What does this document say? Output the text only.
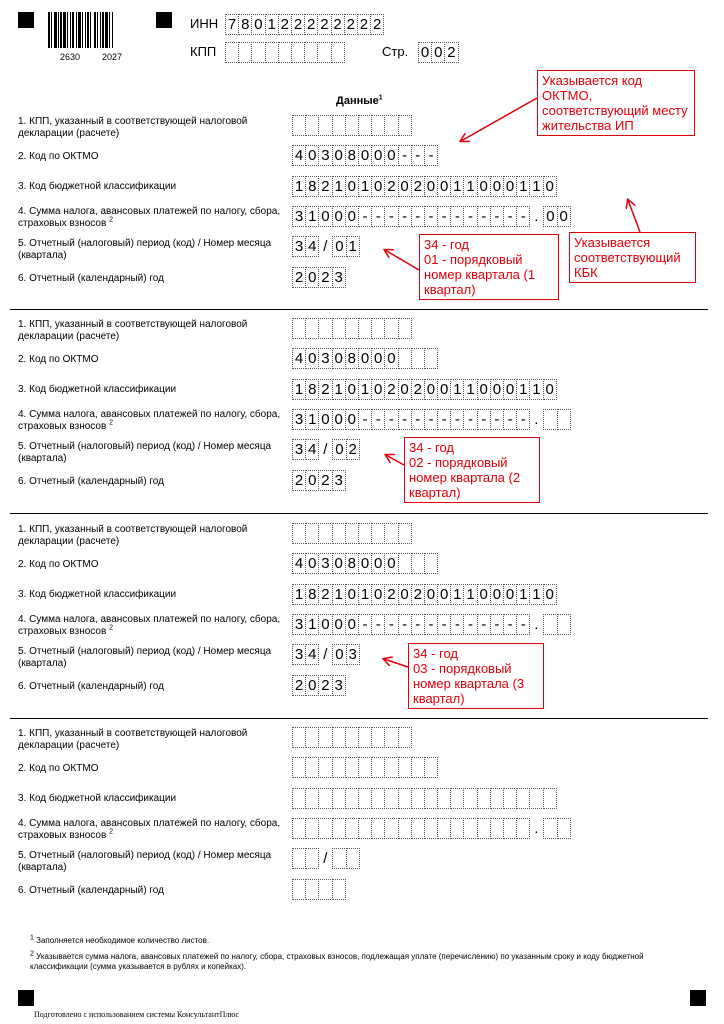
2630 2027
ИНН 7 8 0 1 2 2 2 2 2 2 2 2
КПП	Стр. 0 0 2
Данные$^1$
1. КПП, указанный в соответствующей налоговой декларации (расчете)
2. Код по ОКТМО
3. Код бюджетной классификации
4. Сумма налога, авансовых платежей по налогу, сбора, страховых взносов $^2$
5. Отчетный (налоговый) период (код) / Номер месяца (квартала)
6. Отчетный (календарный) год
4 0 3 0 8 0 0 0 - - -
1 8 2 1 0 1 0 2 0 2 0 0 1 1 0 0 0 1 1 0
3 1 0 0 0 - - - - - - - - - - - - - . 0 0
3 4 / 0 1
2 0 2 3
1. КПП, указанный в соответствующей налоговой декларации (расчете)
2. Код по ОКТМО
3. Код бюджетной классификации
4. Сумма налога, авансовых платежей по налогу, сбора, страховых взносов $^2$
5. Отчетный (налоговый) период (код) / Номер месяца (квартала)
6. Отчетный (календарный) год
4 0 3 0 8 0 0 0
1 8 2 1 0 1 0 2 0 2 0 0 1 1 0 0 0 1 1 0
3 1 0 0 0 - - - - - - - - - - - - - .
3 4 / 0 2
2 0 2 3
1. КПП, указанный в соответствующей налоговой декларации (расчете)
2. Код по ОКТМО
3. Код бюджетной классификации
4. Сумма налога, авансовых платежей по налогу, сбора, страховых взносов $^2$
5. Отчетный (налоговый) период (код) / Номер месяца (квартала)
6. Отчетный (календарный) год
4 0 3 0 8 0 0 0
1 8 2 1 0 1 0 2 0 2 0 0 1 1 0 0 0 1 1 0
3 1 0 0 0 - - - - - - - - - - - - - .
3 4 / 0 3
2 0 2 3
1. КПП, указанный в соответствующей налоговой декларации (расчете)
2. Код по ОКТМО
3. Код бюджетной классификации
4. Сумма налога, авансовых платежей по налогу, сбора, страховых взносов $^2$
5. Отчетный (налоговый) период (код) / Номер месяца (квартала)
6. Отчетный (календарный) год
.
/
Указывается код ОКТМО, соответствующий месту жительства ИП
Указывается соответствующий КБК
34 - год
01 - порядковый номер квартала (1 квартал)
34 - год
02 - порядковый номер квартала (2 квартал)
34 - год
03 - порядковый номер квартала (3 квартал)
$^1$ Заполняется необходимое количество листов.
$^2$ Указывается сумма налога, авансовых платежей по налогу, сбора, страховых взносов, подлежащая уплате (перечислению) по указанным сроку и коду бюджетной классификации (сумма указывается в рублях и копейках).
Подготовлено с использованием системы КонсультантПлюс
